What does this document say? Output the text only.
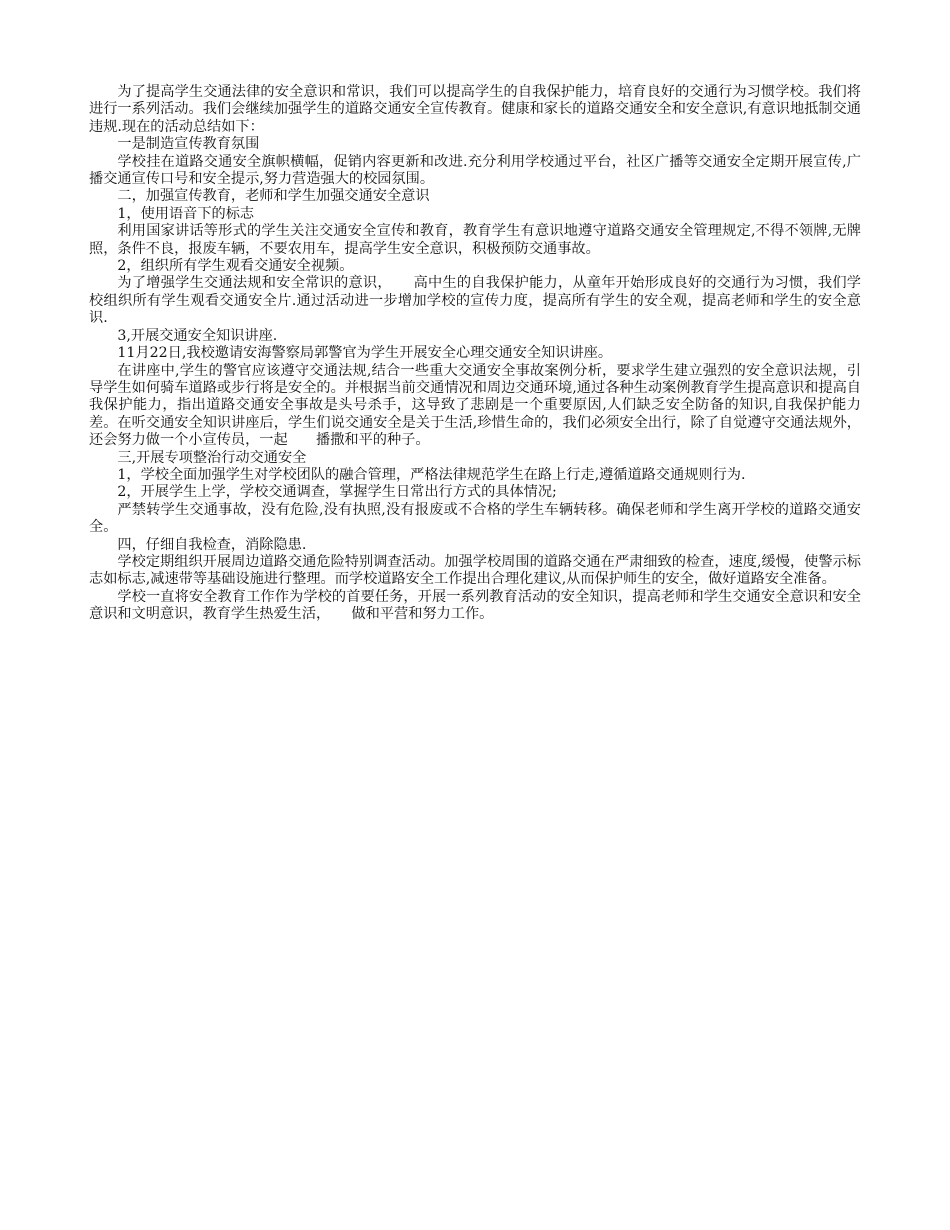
为了提高学生交通法律的安全意识和常识，我们可以提高学生的自我保护能力，培育良好的交通行为习惯学校。我们将进行一系列活动。我们会继续加强学生的道路交通安全宣传教育。健康和家长的道路交通安全和安全意识,有意识地抵制交通违规.现在的活动总结如下：

一是制造宣传教育氛围

学校挂在道路交通安全旗帜横幅，促销内容更新和改进.充分利用学校通过平台，社区广播等交通安全定期开展宣传,广播交通宣传口号和安全提示,努力营造强大的校园氛围。

二，加强宣传教育，老师和学生加强交通安全意识

1，使用语音下的标志

利用国家讲话等形式的学生关注交通安全宣传和教育，教育学生有意识地遵守道路交通安全管理规定,不得不领牌,无牌照，条件不良，报废车辆，不要农用车，提高学生安全意识，积极预防交通事故。

2，组织所有学生观看交通安全视频。

为了增强学生交通法规和安全常识的意识，　　高中生的自我保护能力，从童年开始形成良好的交通行为习惯，我们学校组织所有学生观看交通安全片.通过活动进一步增加学校的宣传力度，提高所有学生的安全观，提高老师和学生的安全意识.

3,开展交通安全知识讲座.

11月22日,我校邀请安海警察局郭警官为学生开展安全心理交通安全知识讲座。

在讲座中,学生的警官应该遵守交通法规,结合一些重大交通安全事故案例分析，要求学生建立强烈的安全意识法规，引导学生如何骑车道路或步行将是安全的。并根据当前交通情况和周边交通环境,通过各种生动案例教育学生提高意识和提高自我保护能力，指出道路交通安全事故是头号杀手，这导致了悲剧是一个重要原因,人们缺乏安全防备的知识,自我保护能力差。在听交通安全知识讲座后，学生们说交通安全是关于生活,珍惜生命的，我们必须安全出行，除了自觉遵守交通法规外，还会努力做一个小宣传员，一起　　播撒和平的种子。

三,开展专项整治行动交通安全

1，学校全面加强学生对学校团队的融合管理，严格法律规范学生在路上行走,遵循道路交通规则行为.

2，开展学生上学，学校交通调查，掌握学生日常出行方式的具体情况;

严禁转学生交通事故，没有危险,没有执照,没有报废或不合格的学生车辆转移。确保老师和学生离开学校的道路交通安全。

四，仔细自我检查，消除隐患.

学校定期组织开展周边道路交通危险特别调查活动。加强学校周围的道路交通在严肃细致的检查，速度,缓慢，使警示标志如标志,减速带等基础设施进行整理。而学校道路安全工作提出合理化建议,从而保护师生的安全，做好道路安全准备。

学校一直将安全教育工作作为学校的首要任务，开展一系列教育活动的安全知识，提高老师和学生交通安全意识和安全意识和文明意识，教育学生热爱生活，　　做和平营和努力工作。
